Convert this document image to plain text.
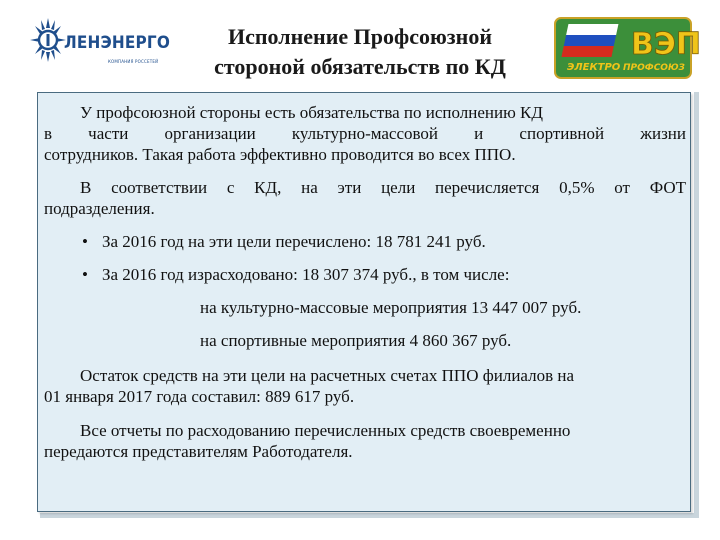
ЛЕНЭНЕРГО
КОМПАНИЯ РОССЕТЕЙ
Исполнение Профсоюзной
стороной обязательств по КД
ВЭП
ЭЛЕКТРО ПРОФСОЮЗ
У профсоюзной стороны есть обязательства по исполнению КД
в части организации культурно-массовой и спортивной жизни
сотрудников. Такая работа эффективно проводится во всех ППО.
В соответствии с КД, на эти цели перечисляется 0,5% от ФОТ
подразделения.
• За 2016 год на эти цели перечислено: 18 781 241 руб.
• За 2016 год израсходовано: 18 307 374 руб., в том числе:
на культурно-массовые мероприятия 13 447 007 руб.
на спортивные мероприятия 4 860 367 руб.
Остаток средств на эти цели на расчетных счетах ППО филиалов на
01 января 2017 года составил: 889 617 руб.
Все отчеты по расходованию перечисленных средств своевременно
передаются представителям Работодателя.
